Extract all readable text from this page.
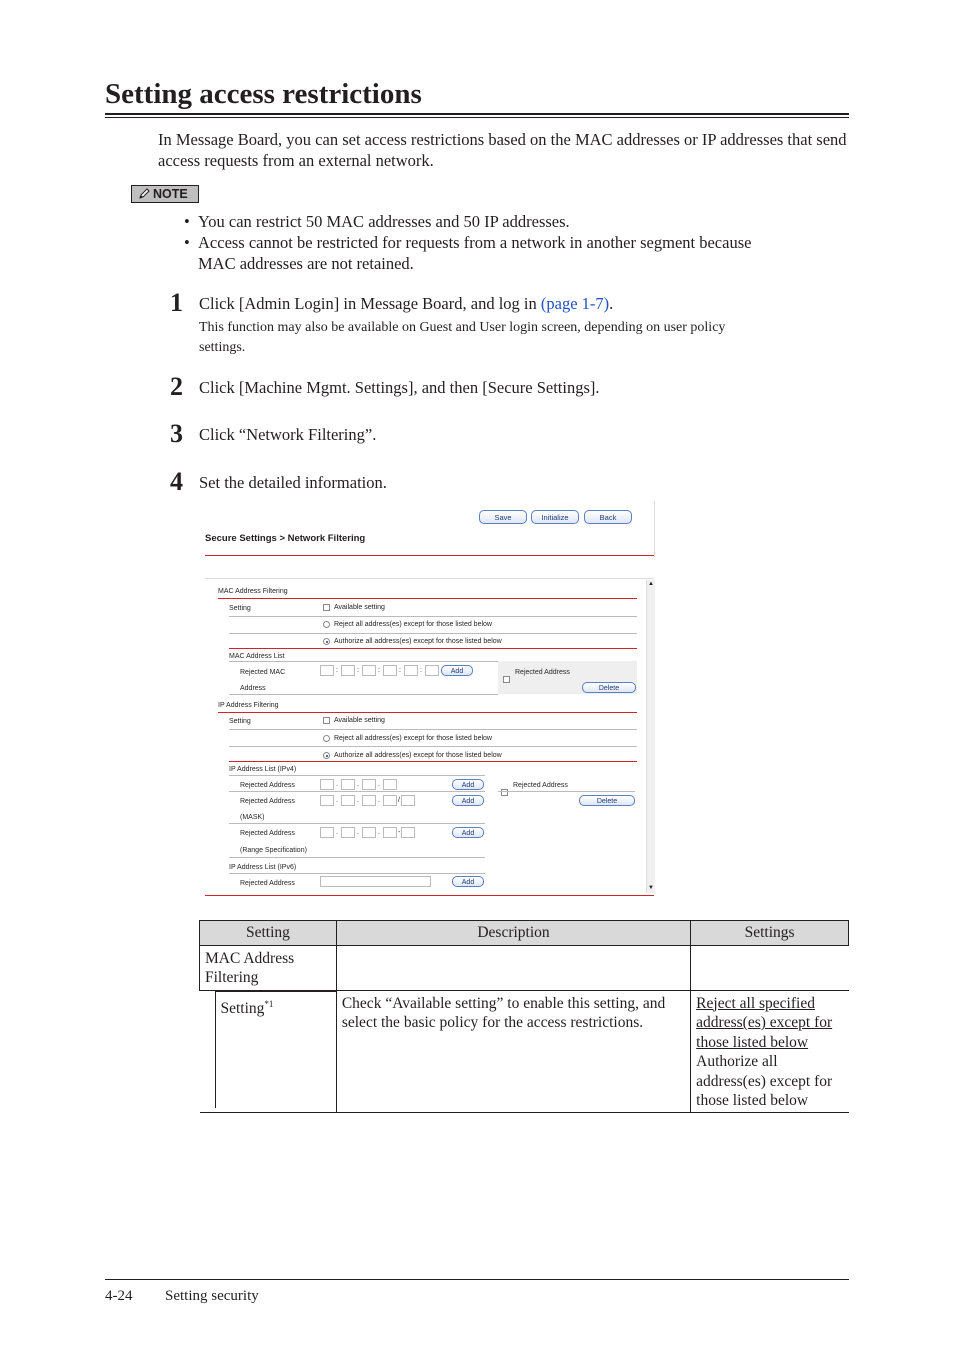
Setting access restrictions
In Message Board, you can set access restrictions based on the MAC addresses or IP addresses that send access requests from an external network.
NOTE
• You can restrict 50 MAC addresses and 50 IP addresses.
• Access cannot be restricted for requests from a network in another segment because
MAC addresses are not retained.
1 Click [Admin Login] in Message Board, and log in (page 1-7).
This function may also be available on Guest and User login screen, depending on user policy
settings.
2 Click [Machine Mgmt. Settings], and then [Secure Settings].
3 Click “Network Filtering”.
4 Set the detailed information.
Save	Initialize	Back
Secure Settings > Network Filtering
▲
▼
MAC Address Filtering
Setting	Available setting
Reject all address(es) except for those listed below
Authorize all address(es) except for those listed below
MAC Address List
Rejected MAC
Address
:	:	:	:	:	Add	Rejected Address
Delete
IP Address Filtering
Setting	Available setting
Reject all address(es) except for those listed below
Authorize all address(es) except for those listed below
IP Address List (IPv4)
Rejected Address	.	.	.	Add	Rejected Address
Delete
Rejected Address	.	.	.	/	Add
(MASK)
Rejected Address	.	.	.	-	Add
(Range Specification)
IP Address List (IPv6)
Rejected Address	Add
Setting	Description	Settings
MAC Address Filtering		

Setting$^{*1}$	Check “Available setting” to enable this setting, and select the basic policy for the access restrictions.	Reject all specified address(es) except for those listed below
Authorize all address(es) except for those listed below
4-24 Setting security
